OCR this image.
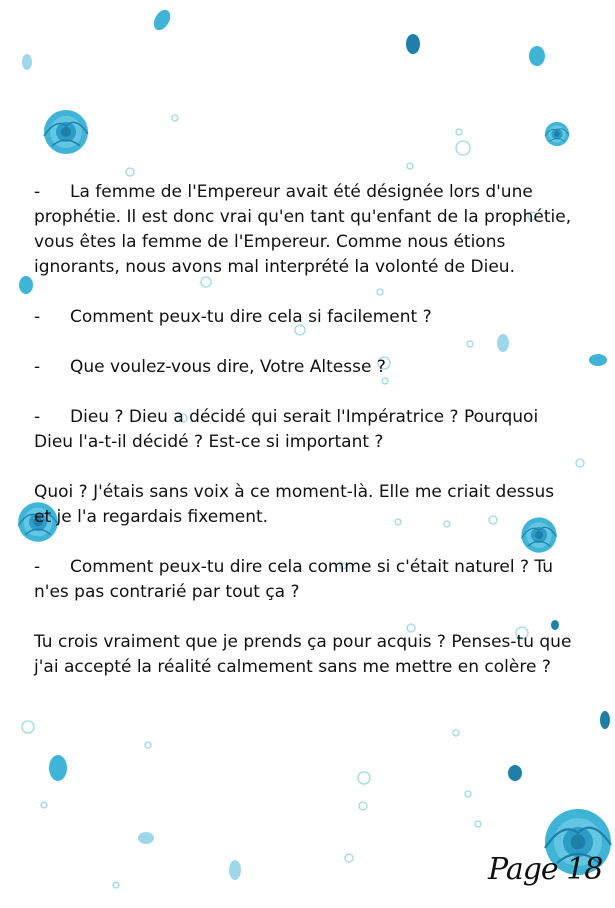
- La femme de l'Empereur avait été désignée lors d'une prophétie. Il est donc vrai qu'en tant qu'enfant de la prophétie, vous êtes la femme de l'Empereur. Comme nous étions ignorants, nous avons mal interprété la volonté de Dieu.

- Comment peux-tu dire cela si facilement ?

- Que voulez-vous dire, Votre Altesse ?

- Dieu ? Dieu a décidé qui serait l'Impératrice ? Pourquoi Dieu l'a-t-il décidé ? Est-ce si important ?

Quoi ? J'étais sans voix à ce moment-là. Elle me criait dessus et je l'a regardais fixement.

- Comment peux-tu dire cela comme si c'était naturel ? Tu n'es pas contrarié par tout ça ?

Tu crois vraiment que je prends ça pour acquis ? Penses-tu que j'ai accepté la réalité calmement sans me mettre en colère ?

Page 18
